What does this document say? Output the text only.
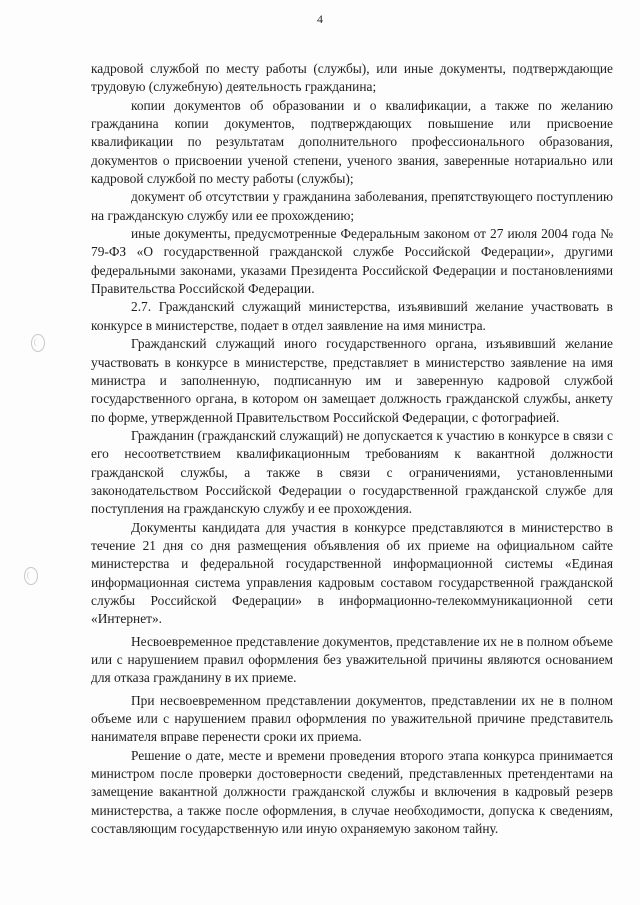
4

кадровой службой по месту работы (службы), или иные документы, подтверждающие трудовую (служебную) деятельность гражданина;

копии документов об образовании и о квалификации, а также по желанию гражданина копии документов, подтверждающих повышение или присвоение квалификации по результатам дополнительного профессионального образования, документов о присвоении ученой степени, ученого звания, заверенные нотариально или кадровой службой по месту работы (службы);

документ об отсутствии у гражданина заболевания, препятствующего поступлению на гражданскую службу или ее прохождению;

иные документы, предусмотренные Федеральным законом от 27 июля 2004 года № 79-ФЗ «О государственной гражданской службе Российской Федерации», другими федеральными законами, указами Президента Российской Федерации и постановлениями Правительства Российской Федерации.

2.7. Гражданский служащий министерства, изъявивший желание участвовать в конкурсе в министерстве, подает в отдел заявление на имя министра.

Гражданский служащий иного государственного органа, изъявивший желание участвовать в конкурсе в министерстве, представляет в министерство заявление на имя министра и заполненную, подписанную им и заверенную кадровой службой государственного органа, в котором он замещает должность гражданской службы, анкету по форме, утвержденной Правительством Российской Федерации, с фотографией.

Гражданин (гражданский служащий) не допускается к участию в конкурсе в связи с его несоответствием квалификационным требованиям к вакантной должности гражданской службы, а также в связи с ограничениями, установленными законодательством Российской Федерации о государственной гражданской службе для поступления на гражданскую службу и ее прохождения.

Документы кандидата для участия в конкурсе представляются в министерство в течение 21 дня со дня размещения объявления об их приеме на официальном сайте министерства и федеральной государственной информационной системы «Единая информационная система управления кадровым составом государственной гражданской службы Российской Федерации» в информационно-телекоммуникационной сети «Интернет».

Несвоевременное представление документов, представление их не в полном объеме или с нарушением правил оформления без уважительной причины являются основанием для отказа гражданину в их приеме.

При несвоевременном представлении документов, представлении их не в полном объеме или с нарушением правил оформления по уважительной причине представитель нанимателя вправе перенести сроки их приема.

Решение о дате, месте и времени проведения второго этапа конкурса принимается министром после проверки достоверности сведений, представленных претендентами на замещение вакантной должности гражданской службы и включения в кадровый резерв министерства, а также после оформления, в случае необходимости, допуска к сведениям, составляющим государственную или иную охраняемую законом тайну.
